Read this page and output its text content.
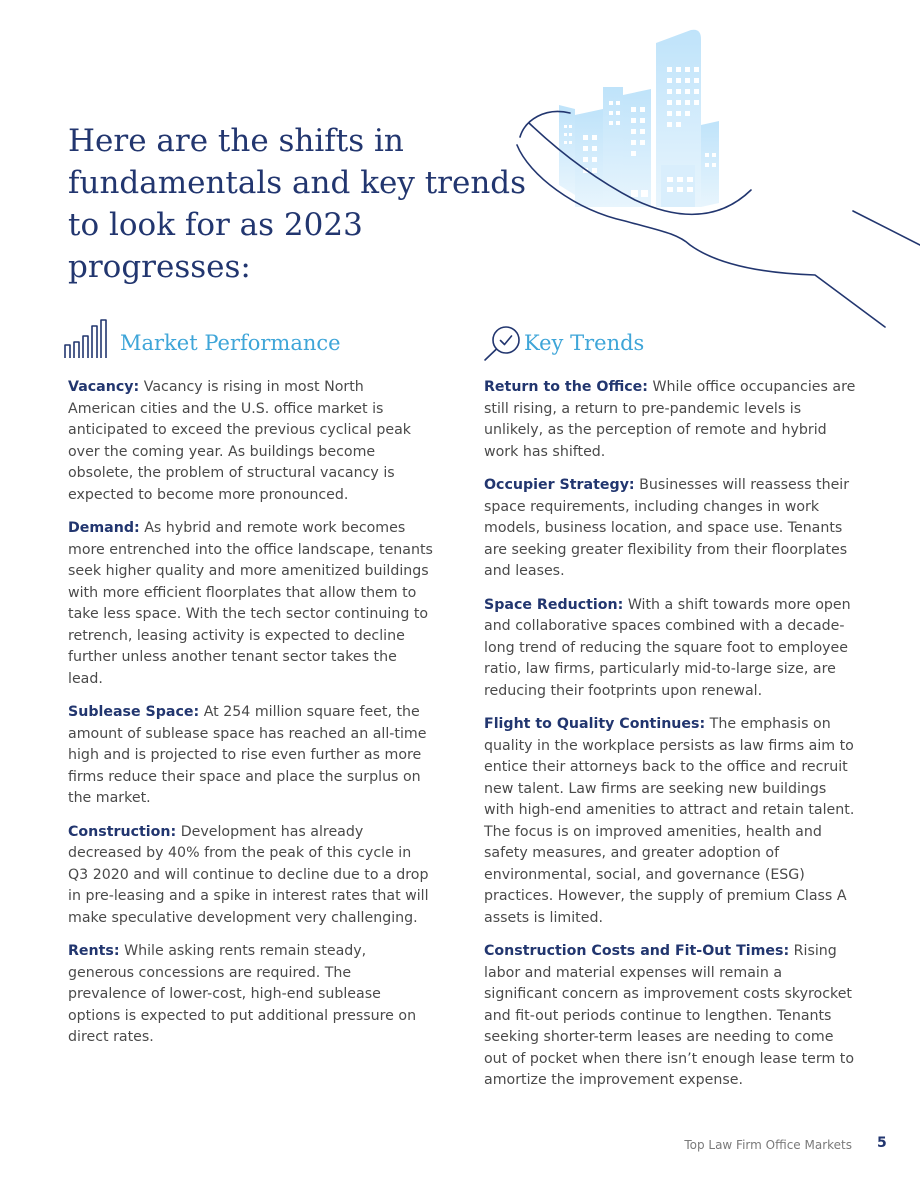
Here are the shifts in fundamentals and key trends to look for as 2023 progresses:
Market Performance

Vacancy: Vacancy is rising in most North American cities and the U.S. office market is anticipated to exceed the previous cyclical peak over the coming year. As buildings become obsolete, the problem of structural vacancy is expected to become more pronounced.

Demand: As hybrid and remote work becomes more entrenched into the office landscape, tenants seek higher quality and more amenitized buildings with more efficient floorplates that allow them to take less space. With the tech sector continuing to retrench, leasing activity is expected to decline further unless another tenant sector takes the lead.

Sublease Space: At 254 million square feet, the amount of sublease space has reached an all-time high and is projected to rise even further as more firms reduce their space and place the surplus on the market.

Construction: Development has already decreased by 40% from the peak of this cycle in Q3 2020 and will continue to decline due to a drop in pre-leasing and a spike in interest rates that will make speculative development very challenging.

Rents: While asking rents remain steady, generous concessions are required. The prevalence of lower-cost, high-end sublease options is expected to put additional pressure on direct rates.

Key Trends

Return to the Office: While office occupancies are still rising, a return to pre-pandemic levels is unlikely, as the perception of remote and hybrid work has shifted.

Occupier Strategy: Businesses will reassess their space requirements, including changes in work models, business location, and space use. Tenants are seeking greater flexibility from their floorplates and leases.

Space Reduction: With a shift towards more open and collaborative spaces combined with a decade-long trend of reducing the square foot to employee ratio, law firms, particularly mid-to-large size, are reducing their footprints upon renewal.

Flight to Quality Continues: The emphasis on quality in the workplace persists as law firms aim to entice their attorneys back to the office and recruit new talent. Law firms are seeking new buildings with high-end amenities to attract and retain talent. The focus is on improved amenities, health and safety measures, and greater adoption of environmental, social, and governance (ESG) practices. However, the supply of premium Class A assets is limited.

Construction Costs and Fit-Out Times: Rising labor and material expenses will remain a significant concern as improvement costs skyrocket and fit-out periods continue to lengthen. Tenants seeking shorter-term leases are needing to come out of pocket when there isn’t enough lease term to amortize the improvement expense.

Top Law Firm Office Markets 5
